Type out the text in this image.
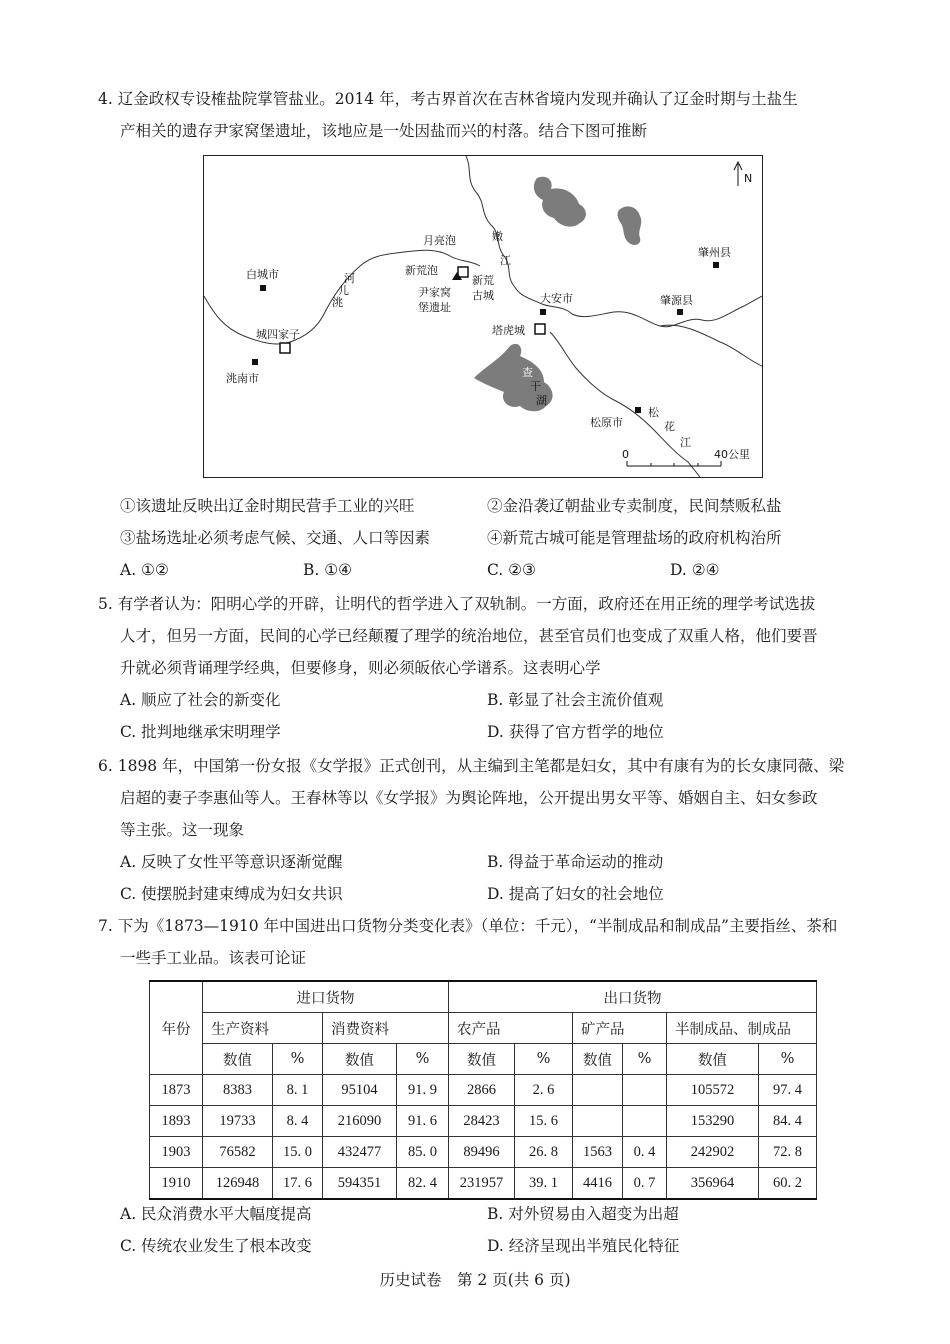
4. 辽金政权专设榷盐院掌管盐业。2014 年，考古界首次在吉林省境内发现并确认了辽金时期与土盐生
产相关的遗存尹家窝堡遗址，该地应是一处因盐而兴的村落。结合下图可推断
N
0	40公里
月亮泡	嫩
江
新荒泡
新荒
古城
尹家窝
堡遗址
白城市
洮
儿
河
城四家子
洮南市
大安市
塔虎城
肇州县
肇源县
查
干
湖
松原市
松
花
江
①该遗址反映出辽金时期民营手工业的兴旺	②金沿袭辽朝盐业专卖制度，民间禁贩私盐
③盐场选址必须考虑气候、交通、人口等因素	④新荒古城可能是管理盐场的政府机构治所
A. ①②	B. ①④	C. ②③	D. ②④
5. 有学者认为：阳明心学的开辟，让明代的哲学进入了双轨制。一方面，政府还在用正统的理学考试选拔
人才，但另一方面，民间的心学已经颠覆了理学的统治地位，甚至官员们也变成了双重人格，他们要晋
升就必须背诵理学经典，但要修身，则必须皈依心学谱系。这表明心学
A. 顺应了社会的新变化	B. 彰显了社会主流价值观
C. 批判地继承宋明理学	D. 获得了官方哲学的地位
6. 1898 年，中国第一份女报《女学报》正式创刊，从主编到主笔都是妇女，其中有康有为的长女康同薇、梁
启超的妻子李惠仙等人。王春林等以《女学报》为舆论阵地，公开提出男女平等、婚姻自主、妇女参政
等主张。这一现象
A. 反映了女性平等意识逐渐觉醒	B. 得益于革命运动的推动
C. 使摆脱封建束缚成为妇女共识	D. 提高了妇女的社会地位
7. 下为《1873—1910 年中国进出口货物分类变化表》（单位：千元），“半制成品和制成品”主要指丝、茶和
一些手工业品。该表可论证
年份	进口货物				出口货物					
	生产资料		消费资料		农产品		矿产品		半制成品、制成品	
	数值	%	数值	%	数值	%	数值	%	数值	%
1873	8383	8. 1	95104	91. 9	2866	2. 6			105572	97. 4
1893	19733	8. 4	216090	91. 6	28423	15. 6			153290	84. 4
1903	76582	15. 0	432477	85. 0	89496	26. 8	1563	0. 4	242902	72. 8
1910	126948	17. 6	594351	82. 4	231957	39. 1	4416	0. 7	356964	60. 2
A. 民众消费水平大幅度提高	B. 对外贸易由入超变为出超
C. 传统农业发生了根本改变	D. 经济呈现出半殖民化特征
历史试卷　第 2 页(共 6 页)
